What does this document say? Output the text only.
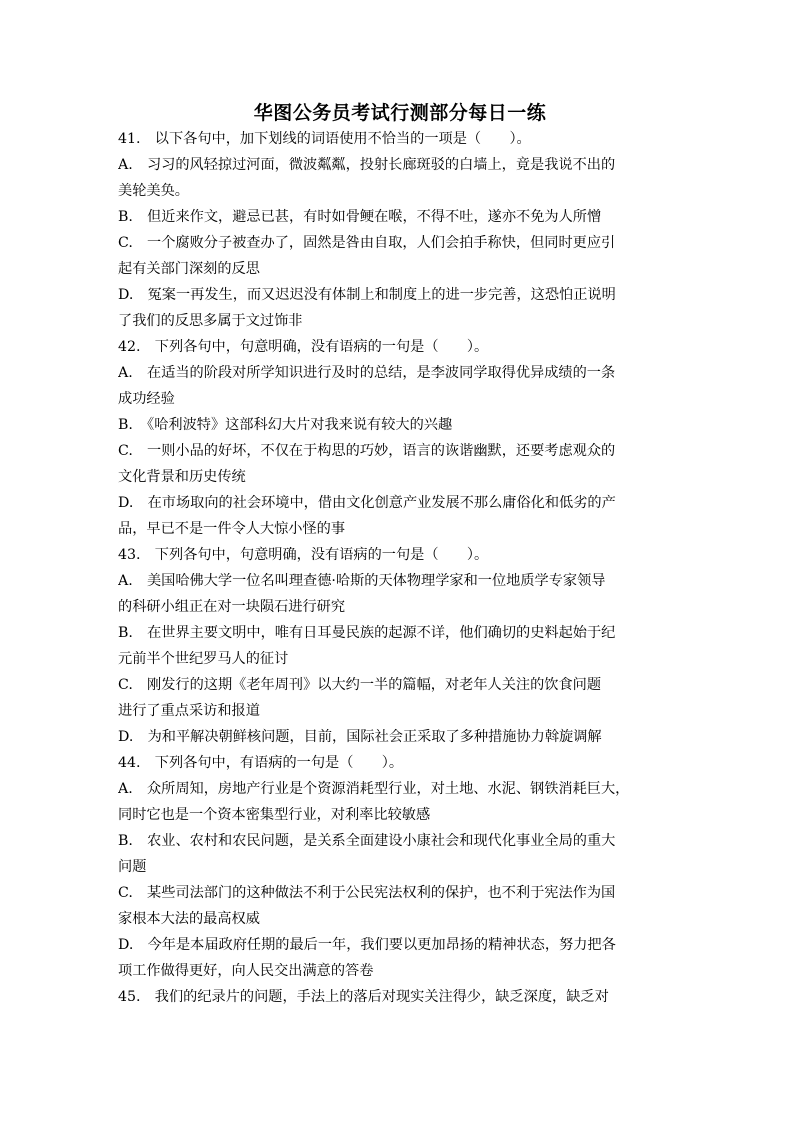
华图公务员考试行测部分每日一练
41.　以下各句中，加下划线的词语使用不恰当的一项是（　　）。
A.　习习的风轻掠过河面，微波粼粼，投射长廊斑驳的白墙上，竟是我说不出的
美轮美奂。
B.　但近来作文，避忌已甚，有时如骨鲠在喉，不得不吐，遂亦不免为人所憎
C.　一个腐败分子被查办了，固然是咎由自取，人们会拍手称快，但同时更应引
起有关部门深刻的反思
D.　冤案一再发生，而又迟迟没有体制上和制度上的进一步完善，这恐怕正说明
了我们的反思多属于文过饰非
42.　下列各句中，句意明确，没有语病的一句是（　　）。
A.　在适当的阶段对所学知识进行及时的总结，是李波同学取得优异成绩的一条
成功经验
B.　《哈利波特》这部科幻大片对我来说有较大的兴趣
C.　一则小品的好坏，不仅在于构思的巧妙，语言的诙谐幽默，还要考虑观众的
文化背景和历史传统
D.　在市场取向的社会环境中，借由文化创意产业发展不那么庸俗化和低劣的产
品，早已不是一件令人大惊小怪的事
43.　下列各句中，句意明确，没有语病的一句是（　　）。
A.　美国哈佛大学一位名叫理查德·哈斯的天体物理学家和一位地质学专家领导
的科研小组正在对一块陨石进行研究
B.　在世界主要文明中，唯有日耳曼民族的起源不详，他们确切的史料起始于纪
元前半个世纪罗马人的征讨
C.　刚发行的这期《老年周刊》以大约一半的篇幅，对老年人关注的饮食问题
进行了重点采访和报道
D.　为和平解决朝鲜核问题，目前，国际社会正采取了多种措施协力斡旋调解
44.　下列各句中，有语病的一句是（　　）。
A.　众所周知，房地产行业是个资源消耗型行业，对土地、水泥、钢铁消耗巨大，
同时它也是一个资本密集型行业，对利率比较敏感
B.　农业、农村和农民问题，是关系全面建设小康社会和现代化事业全局的重大
问题
C.　某些司法部门的这种做法不利于公民宪法权利的保护，也不利于宪法作为国
家根本大法的最高权威
D.　今年是本届政府任期的最后一年，我们要以更加昂扬的精神状态，努力把各
项工作做得更好，向人民交出满意的答卷
45.　我们的纪录片的问题，手法上的落后对现实关注得少，缺乏深度，缺乏对
